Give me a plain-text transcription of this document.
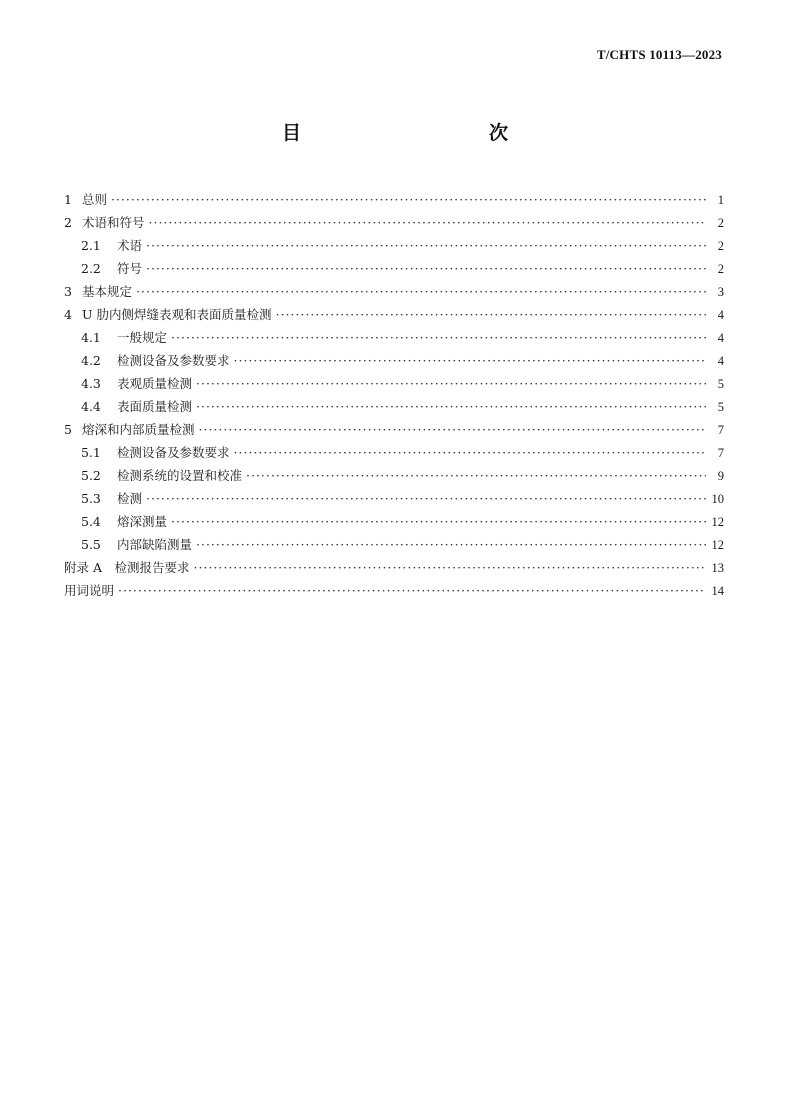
T/CHTS 10113—2023
目　　次
1 总则 ·····	1
2 术语和符号 ·····	2
2.1 术语 ·····	2
2.2 符号 ·····	2
3 基本规定 ·····	3
4 U 肋内侧焊缝表观和表面质量检测 ·····	4
4.1 一般规定 ·····	4
4.2 检测设备及参数要求 ·····	4
4.3 表观质量检测 ·····	5
4.4 表面质量检测 ·····	5
5 熔深和内部质量检测 ·····	7
5.1 检测设备及参数要求 ·····	7
5.2 检测系统的设置和校准 ·····	9
5.3 检测 ·····	10
5.4 熔深测量 ·····	12
5.5 内部缺陷测量 ·····	12
附录 A　检测报告要求 ·····	13
用词说明 ·····	14
